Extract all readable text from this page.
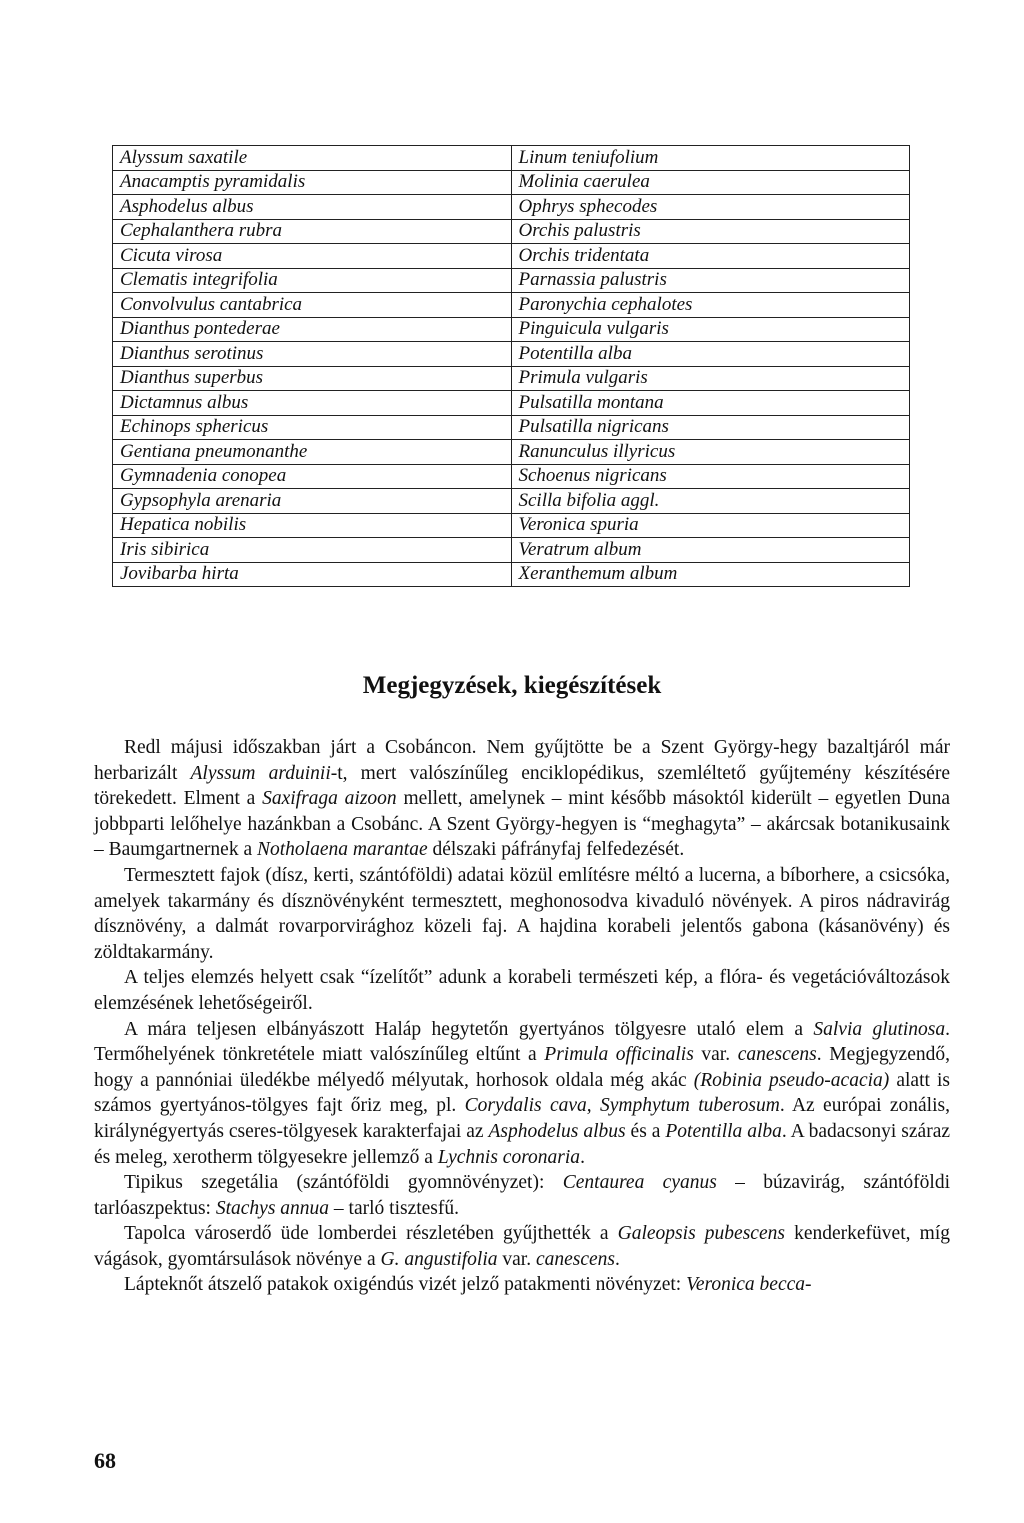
Alyssum saxatile	Linum teniufolium
Anacamptis pyramidalis	Molinia caerulea
Asphodelus albus	Ophrys sphecodes
Cephalanthera rubra	Orchis palustris
Cicuta virosa	Orchis tridentata
Clematis integrifolia	Parnassia palustris
Convolvulus cantabrica	Paronychia cephalotes
Dianthus pontederae	Pinguicula vulgaris
Dianthus serotinus	Potentilla alba
Dianthus superbus	Primula vulgaris
Dictamnus albus	Pulsatilla montana
Echinops sphericus	Pulsatilla nigricans
Gentiana pneumonanthe	Ranunculus illyricus
Gymnadenia conopea	Schoenus nigricans
Gypsophyla arenaria	Scilla bifolia aggl.
Hepatica nobilis	Veronica spuria
Iris sibirica	Veratrum album
Jovibarba hirta	Xeranthemum album
Megjegyzések, kiegészítések

Redl májusi időszakban járt a Csobáncon. Nem gyűjtötte be a Szent György-hegy bazaltjáról már herbarizált Alyssum arduinii-t, mert valószínűleg enciklopédikus, szemléltető gyűjtemény készítésére törekedett. Elment a Saxifraga aizoon mellett, amelynek – mint később másoktól kiderült – egyetlen Duna jobbparti lelőhelye hazánkban a Csobánc. A Szent György-hegyen is “meghagyta” – akárcsak botanikusaink – Baumgartnernek a Notholaena marantae délszaki páfrányfaj felfedezését.

Termesztett fajok (dísz, kerti, szántóföldi) adatai közül említésre méltó a lucerna, a bíborhere, a csicsóka, amelyek takarmány és dísznövényként termesztett, meghonosodva kivaduló növények. A piros nádravirág dísznövény, a dalmát rovarporvirághoz közeli faj. A hajdina korabeli jelentős gabona (kásanövény) és zöldtakarmány.

A teljes elemzés helyett csak “ízelítőt” adunk a korabeli természeti kép, a flóra- és vegetációváltozások elemzésének lehetőségeiről.

A mára teljesen elbányászott Haláp hegytetőn gyertyános tölgyesre utaló elem a Salvia glutinosa. Termőhelyének tönkretétele miatt valószínűleg eltűnt a Primula officinalis var. canescens. Megjegyzendő, hogy a pannóniai üledékbe mélyedő mélyutak, horhosok oldala még akác (Robinia pseudo-acacia) alatt is számos gyertyános-tölgyes fajt őriz meg, pl. Corydalis cava, Symphytum tuberosum. Az európai zonális, királynégyertyás cseres-tölgyesek karakterfajai az Asphodelus albus és a Potentilla alba. A badacsonyi száraz és meleg, xerotherm tölgyesekre jellemző a Lychnis coronaria.

Tipikus szegetália (szántóföldi gyomnövényzet): Centaurea cyanus – búzavirág, szántóföldi tarlóaszpektus: Stachys annua – tarló tisztesfű.

Tapolca városerdő üde lomberdei részletében gyűjthették a Galeopsis pubescens kenderkefüvet, míg vágások, gyomtársulások növénye a G. angustifolia var. canescens.

Lápteknőt átszelő patakok oxigéndús vizét jelző patakmenti növényzet: Veronica becca-

68
